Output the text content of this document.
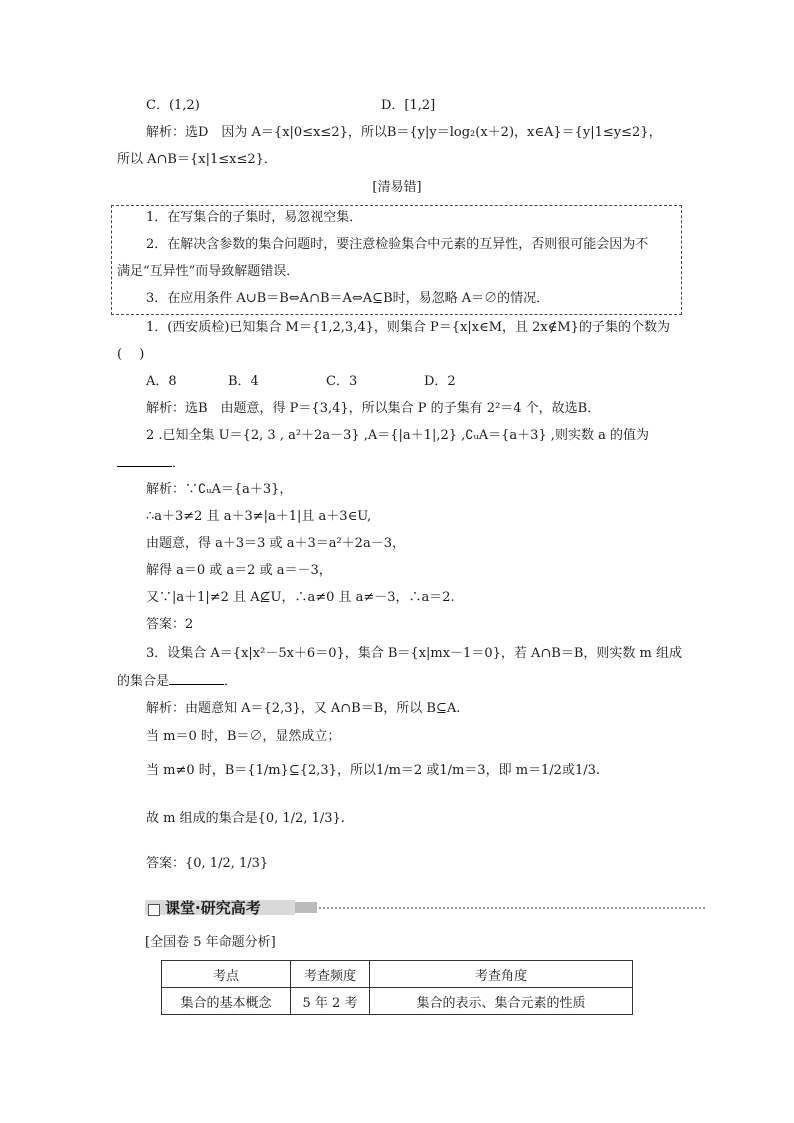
C．(1,2)	D．[1,2]
解析：选D　因为 A＝{x|0≤x≤2}，所以B＝{y|y＝log₂(x＋2)，x∈A}＝{y|1≤y≤2}，
所以 A∩B＝{x|1≤x≤2}．
[清易错]
1．在写集合的子集时，易忽视空集．
2．在解决含参数的集合问题时，要注意检验集合中元素的互异性，否则很可能会因为不
满足“互异性”而导致解题错误．
3．在应用条件 A∪B＝B⇔A∩B＝A⇔A⊆B时，易忽略 A＝∅的情况．
1．(西安质检)已知集合 M＝{1,2,3,4}，则集合 P＝{x|x∈M，且 2x∉M}的子集的个数为
(　 )
A．8	B．4	C．3	D．2
解析：选B　由题意，得 P＝{3,4}，所以集合 P 的子集有 2²＝4 个，故选B．
2 .已知全集 U＝{2, 3 , a²＋2a－3} ,A＝{|a＋1|,2} ,∁ᵤA＝{a＋3} ,则实数 a 的值为
．
解析：∵∁ᵤA＝{a＋3}，
∴a＋3≠2 且 a＋3≠|a＋1|且 a＋3∈U,
由题意，得 a＋3＝3 或 a＋3＝a²＋2a－3，
解得 a＝0 或 a＝2 或 a＝－3，
又∵|a＋1|≠2 且 A⊈U，∴a≠0 且 a≠－3，∴a＝2.
答案：2
3．设集合 A＝{x|x²－5x＋6＝0}，集合 B＝{x|mx－1＝0}，若 A∩B＝B，则实数 m 组成
的集合是	．
解析：由题意知 A＝{2,3}，又 A∩B＝B，所以 B⊆A.
当 m＝0 时，B＝∅，显然成立；
当 m≠0 时，B＝{1/m}⊆{2,3}，所以1/m＝2 或1/m＝3，即 m＝1/2或1/3.
故 m 组成的集合是{0, 1/2, 1/3}.
答案：{0, 1/2, 1/3}
课堂·研究高考
[全国卷 5 年命题分析]
考点	考查频度	考查角度
集合的基本概念	5 年 2 考	集合的表示、集合元素的性质
